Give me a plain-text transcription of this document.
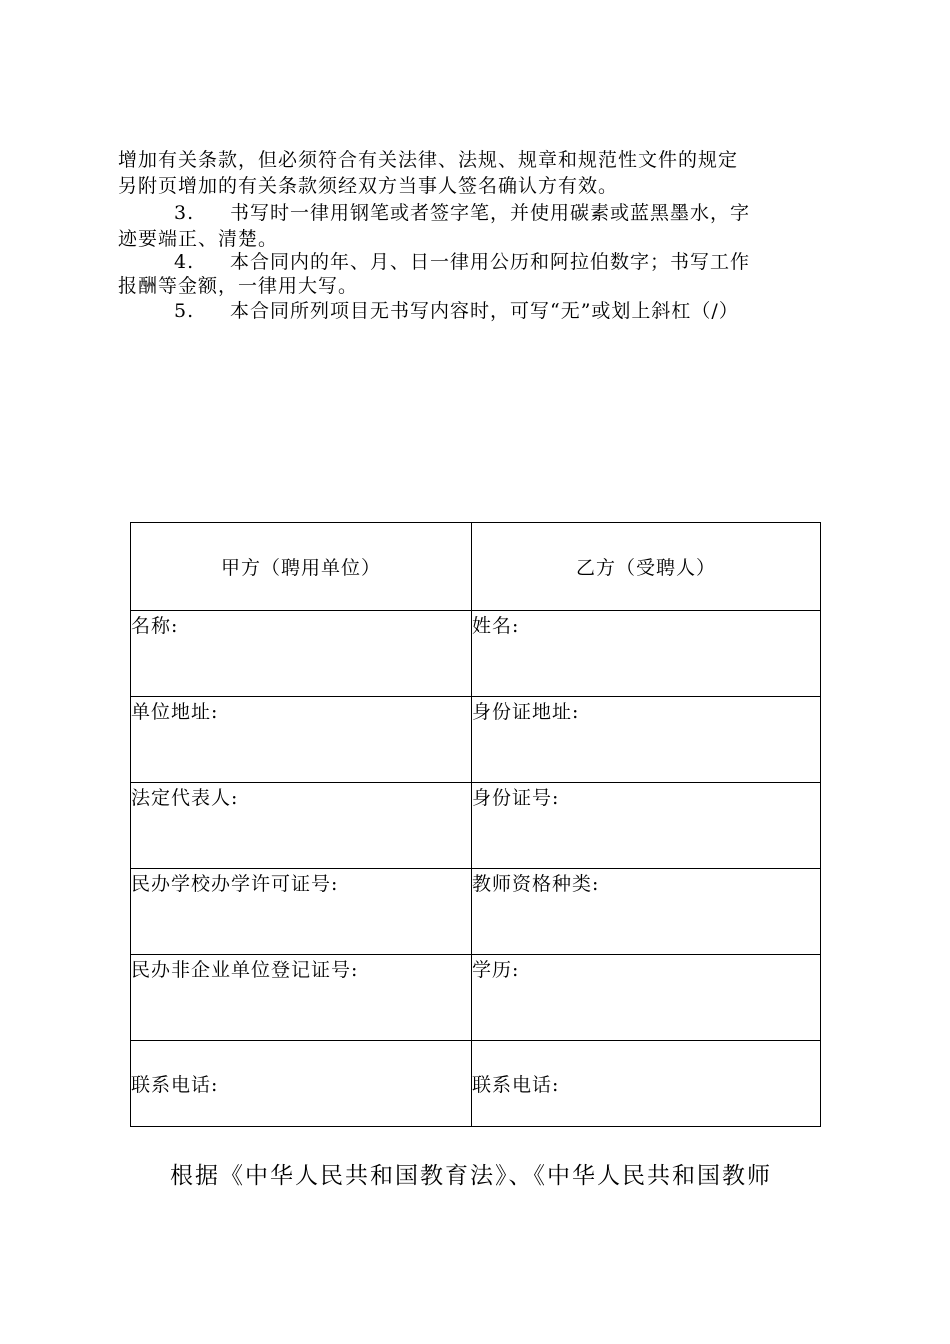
增加有关条款，但必须符合有关法律、法规、规章和规范性文件的规定
另附页增加的有关条款须经双方当事人签名确认方有效。
3. 书写时一律用钢笔或者签字笔，并使用碳素或蓝黑墨水，字
迹要端正、清楚。
4. 本合同内的年、月、日一律用公历和阿拉伯数字；书写工作
报酬等金额，一律用大写。
5. 本合同所列项目无书写内容时，可写“无”或划上斜杠（/）
甲方（聘用单位）	乙方（受聘人）
名称:	姓名:
单位地址:	身份证地址:
法定代表人:	身份证号:
民办学校办学许可证号:	教师资格种类:
民办非企业单位登记证号:	学历:
联系电话:	联系电话:
根据《中华人民共和国教育法》、《中华人民共和国教师
